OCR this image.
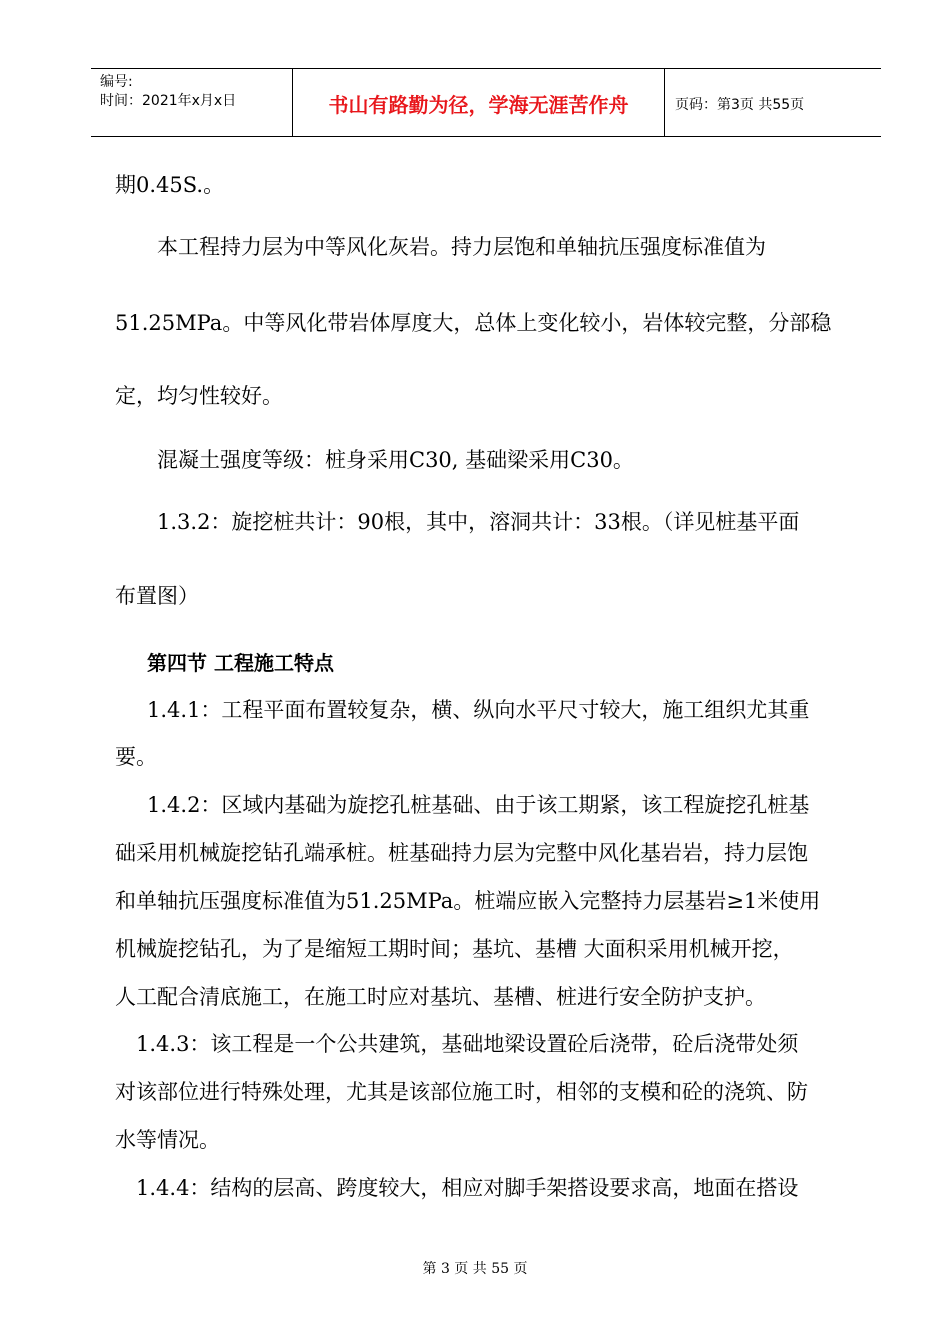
编号:
时间：2021年x月x日	书山有路勤为径，学海无涯苦作舟	页码：第3页 共55页
期0.45S.。
本工程持力层为中等风化灰岩。持力层饱和单轴抗压强度标准值为
51.25MPa。中等风化带岩体厚度大，总体上变化较小，岩体较完整，分部稳
定，均匀性较好。
混凝土强度等级：桩身采用C30, 基础梁采用C30。
1.3.2：旋挖桩共计：90根，其中，溶洞共计：33根。（详见桩基平面
布置图）
第四节 工程施工特点
1.4.1：工程平面布置较复杂，横、纵向水平尺寸较大，施工组织尤其重
要。
1.4.2：区域内基础为旋挖孔桩基础、由于该工期紧，该工程旋挖孔桩基
础采用机械旋挖钻孔端承桩。桩基础持力层为完整中风化基岩岩，持力层饱
和单轴抗压强度标准值为51.25MPa。桩端应嵌入完整持力层基岩≥1米使用
机械旋挖钻孔，为了是缩短工期时间；基坑、基槽 大面积采用机械开挖，
人工配合清底施工，在施工时应对基坑、基槽、桩进行安全防护支护。
1.4.3：该工程是一个公共建筑，基础地梁设置砼后浇带，砼后浇带处须
对该部位进行特殊处理，尤其是该部位施工时，相邻的支模和砼的浇筑、防
水等情况。
1.4.4：结构的层高、跨度较大，相应对脚手架搭设要求高，地面在搭设
第 3 页 共 55 页
